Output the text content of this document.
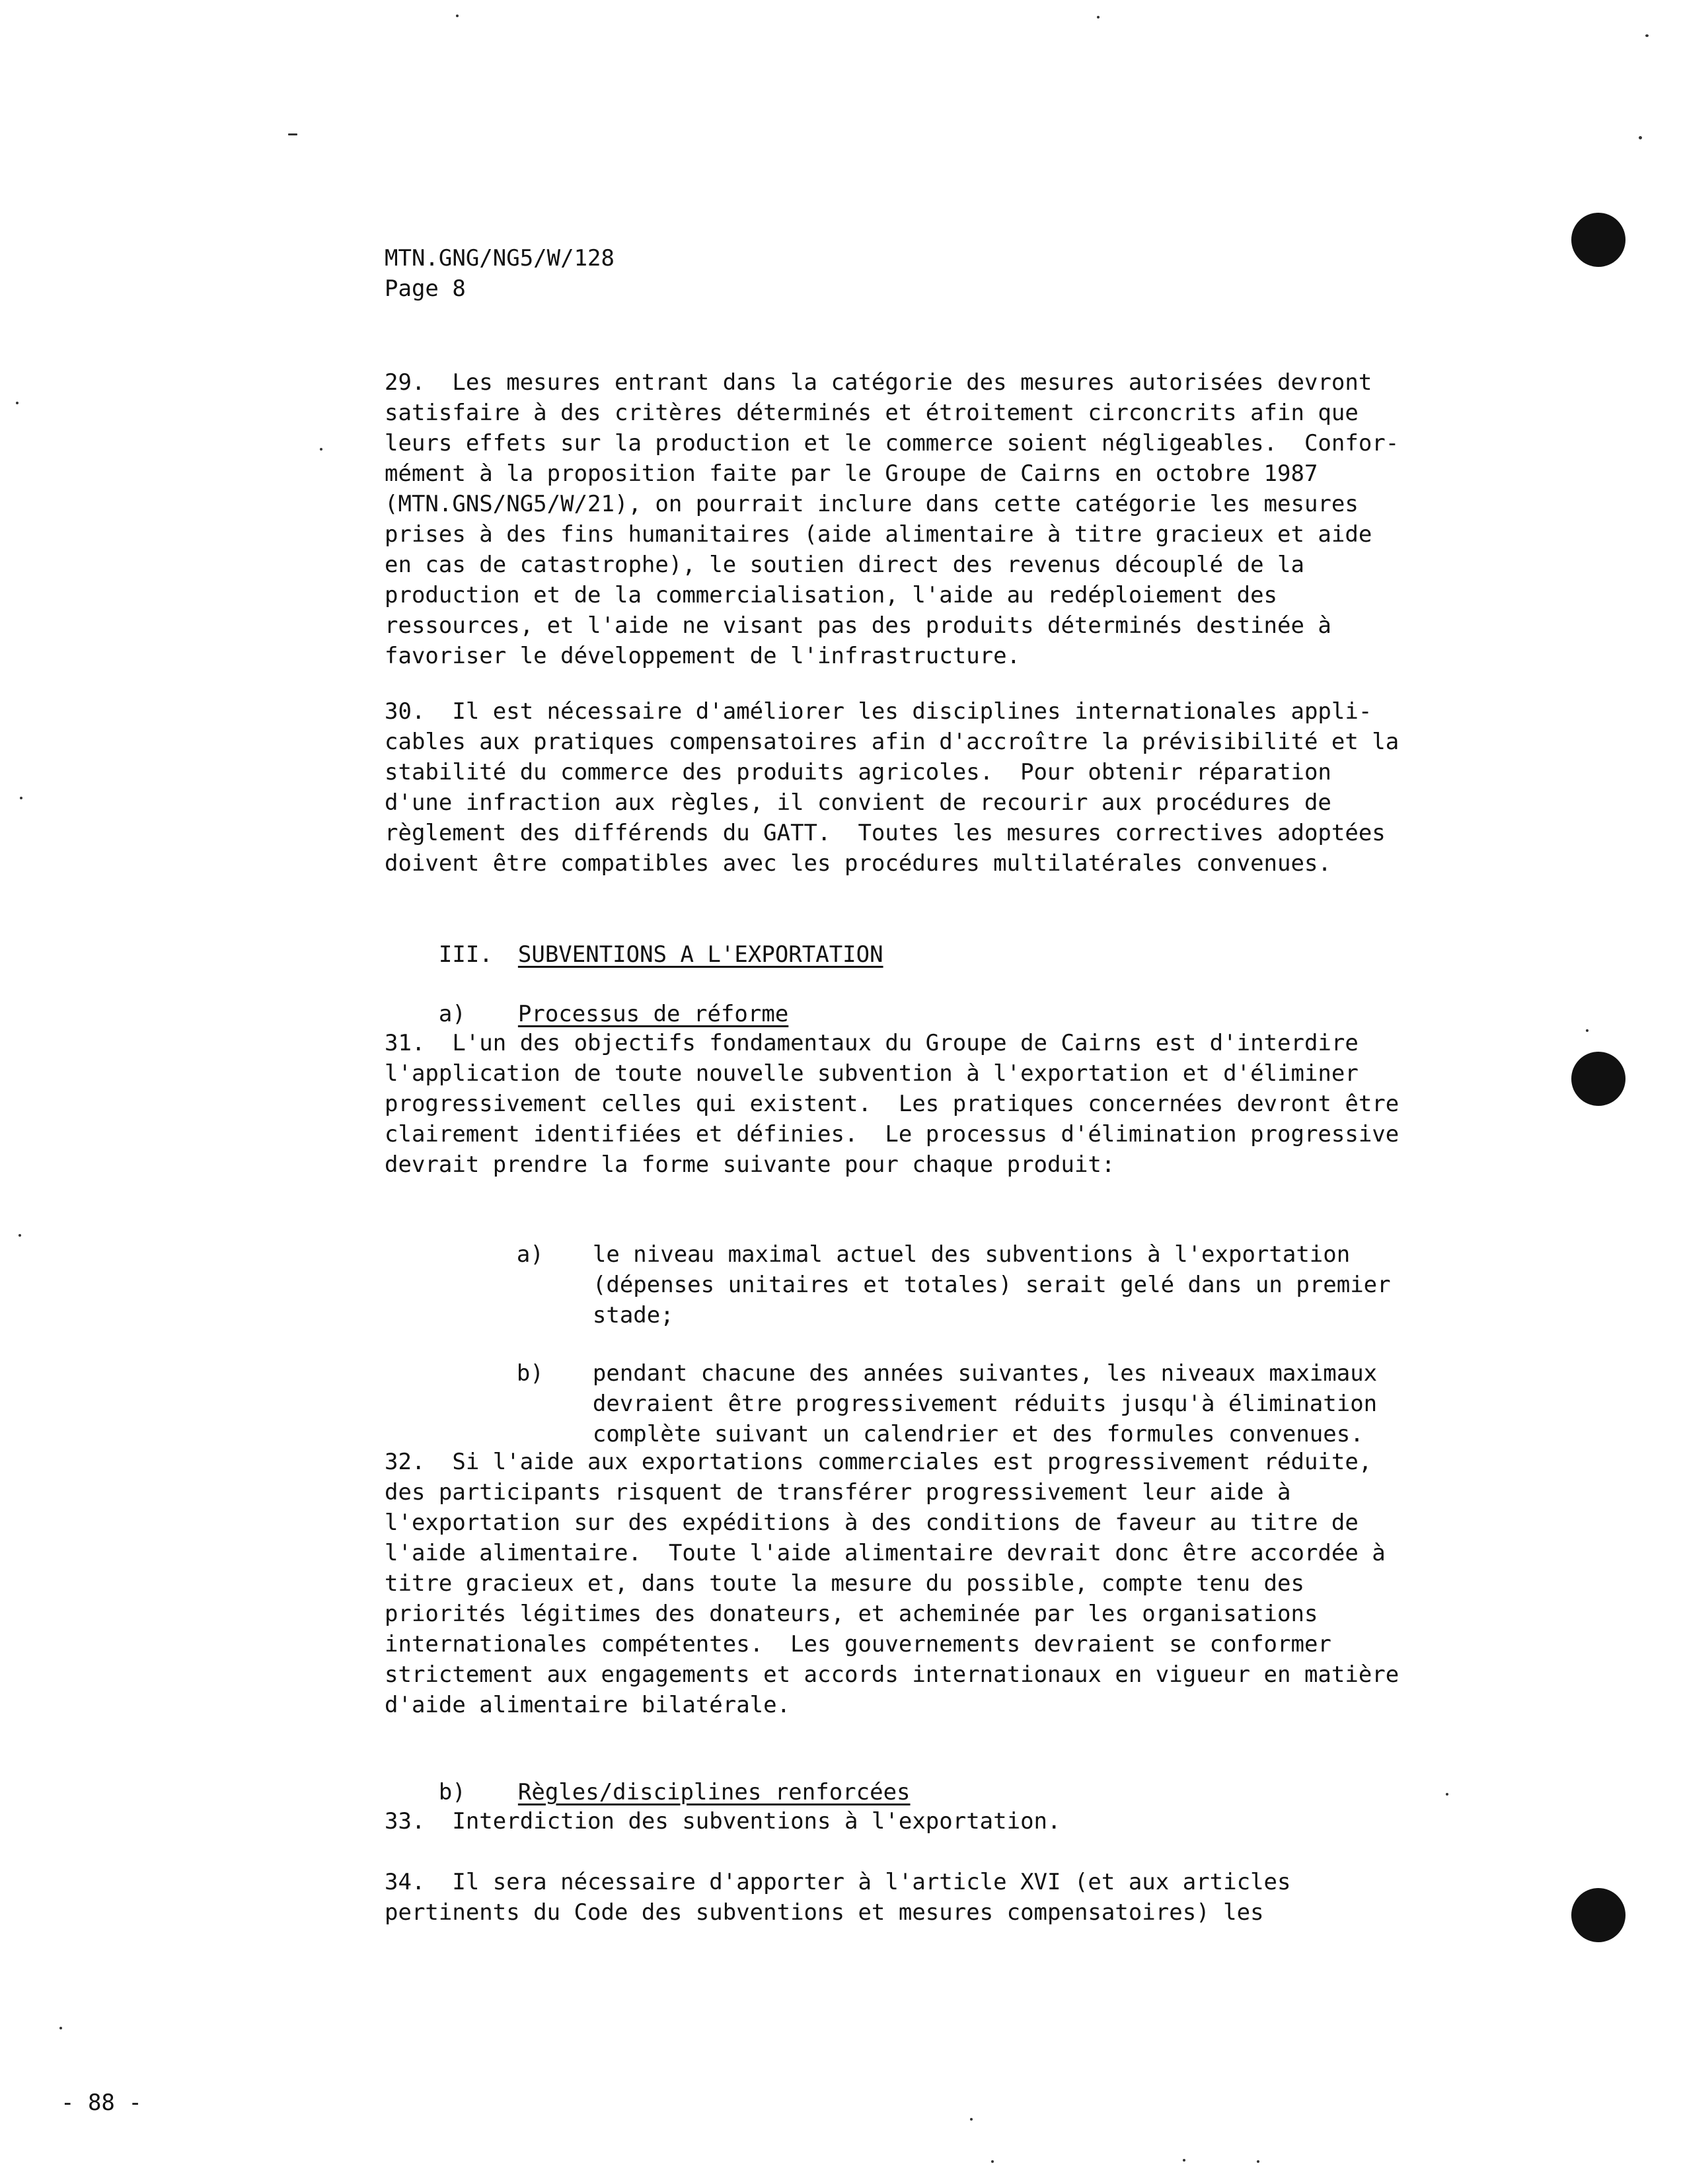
MTN.GNG/NG5/W/128
Page 8
29.  Les mesures entrant dans la catégorie des mesures autorisées devront
satisfaire à des critères déterminés et étroitement circoncrits afin que
leurs effets sur la production et le commerce soient négligeables.  Confor-
mément à la proposition faite par le Groupe de Cairns en octobre 1987
(MTN.GNS/NG5/W/21), on pourrait inclure dans cette catégorie les mesures
prises à des fins humanitaires (aide alimentaire à titre gracieux et aide
en cas de catastrophe), le soutien direct des revenus découplé de la
production et de la commercialisation, l'aide au redéploiement des
ressources, et l'aide ne visant pas des produits déterminés destinée à
favoriser le développement de l'infrastructure.
30.  Il est nécessaire d'améliorer les disciplines internationales appli-
cables aux pratiques compensatoires afin d'accroître la prévisibilité et la
stabilité du commerce des produits agricoles.  Pour obtenir réparation
d'une infraction aux règles, il convient de recourir aux procédures de
règlement des différends du GATT.  Toutes les mesures correctives adoptées
doivent être compatibles avec les procédures multilatérales convenues.

III. SUBVENTIONS A L'EXPORTATION

a) Processus de réforme

31.  L'un des objectifs fondamentaux du Groupe de Cairns est d'interdire
l'application de toute nouvelle subvention à l'exportation et d'éliminer
progressivement celles qui existent.  Les pratiques concernées devront être
clairement identifiées et définies.  Le processus d'élimination progressive
devrait prendre la forme suivante pour chaque produit:

a) le niveau maximal actuel des subventions à l'exportation
(dépenses unitaires et totales) serait gelé dans un premier
stade;

b) pendant chacune des années suivantes, les niveaux maximaux
devraient être progressivement réduits jusqu'à élimination
complète suivant un calendrier et des formules convenues.

32.  Si l'aide aux exportations commerciales est progressivement réduite,
des participants risquent de transférer progressivement leur aide à
l'exportation sur des expéditions à des conditions de faveur au titre de
l'aide alimentaire.  Toute l'aide alimentaire devrait donc être accordée à
titre gracieux et, dans toute la mesure du possible, compte tenu des
priorités légitimes des donateurs, et acheminée par les organisations
internationales compétentes.  Les gouvernements devraient se conformer
strictement aux engagements et accords internationaux en vigueur en matière
d'aide alimentaire bilatérale.

b) Règles/disciplines renforcées

33.  Interdiction des subventions à l'exportation.
34.  Il sera nécessaire d'apporter à l'article XVI (et aux articles
pertinents du Code des subventions et mesures compensatoires) les
- 88 -
